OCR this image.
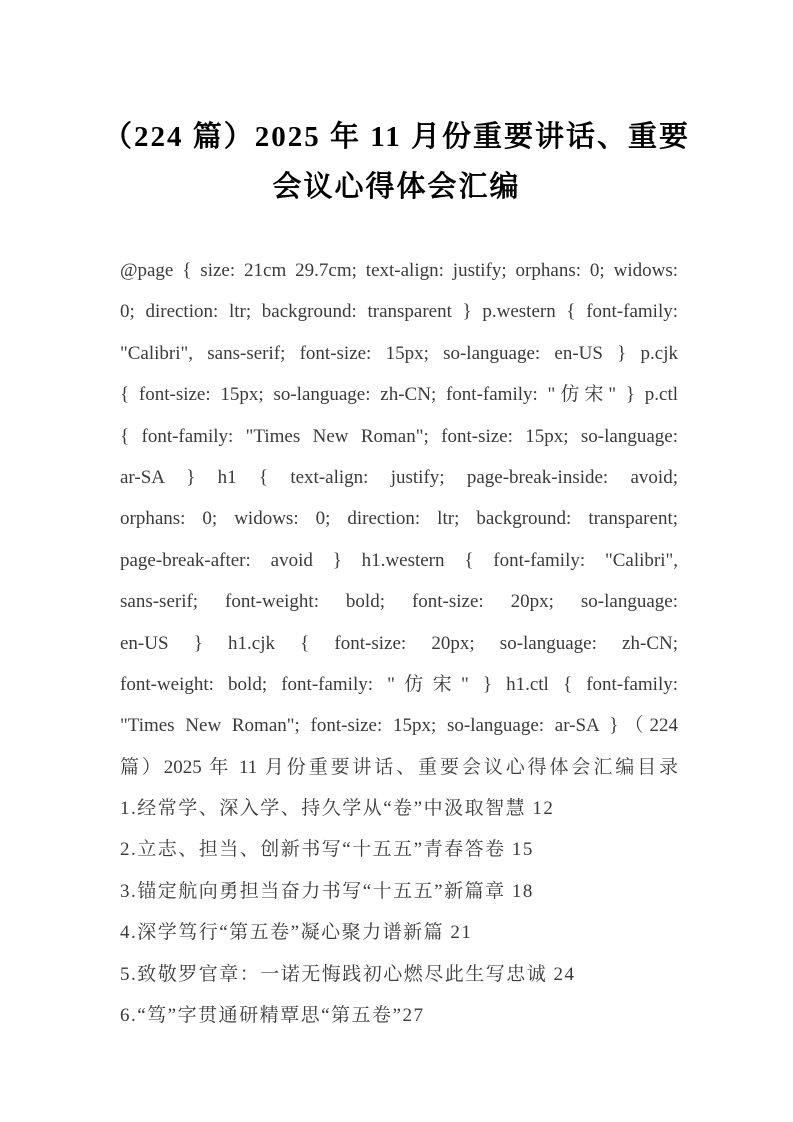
（224 篇）2025 年 11 月份重要讲话、重要
会议心得体会汇编
@page { size: 21cm 29.7cm; text-align: justify; orphans: 0; widows:
0; direction: ltr; background: transparent } p.western { font-family:
"Calibri", sans-serif; font-size: 15px; so-language: en-US } p.cjk
{ font-size: 15px; so-language: zh-CN; font-family: "仿宋" } p.ctl
{ font-family: "Times New Roman"; font-size: 15px; so-language:
ar-SA } h1 { text-align: justify; page-break-inside: avoid;
orphans: 0; widows: 0; direction: ltr; background: transparent;
page-break-after: avoid } h1.western { font-family: "Calibri",
sans-serif; font-weight: bold; font-size: 20px; so-language:
en-US } h1.cjk { font-size: 20px; so-language: zh-CN;
font-weight: bold; font-family: "仿宋" } h1.ctl { font-family:
"Times New Roman"; font-size: 15px; so-language: ar-SA }（224
篇）2025 年 11 月份重要讲话、重要会议心得体会汇编目录
1.经常学、深入学、持久学从“卷”中汲取智慧 12
2.立志、担当、创新书写“十五五”青春答卷 15
3.锚定航向勇担当奋力书写“十五五”新篇章 18
4.深学笃行“第五卷”凝心聚力谱新篇 21
5.致敬罗官章：一诺无悔践初心燃尽此生写忠诚 24
6.“笃”字贯通研精覃思“第五卷”27
